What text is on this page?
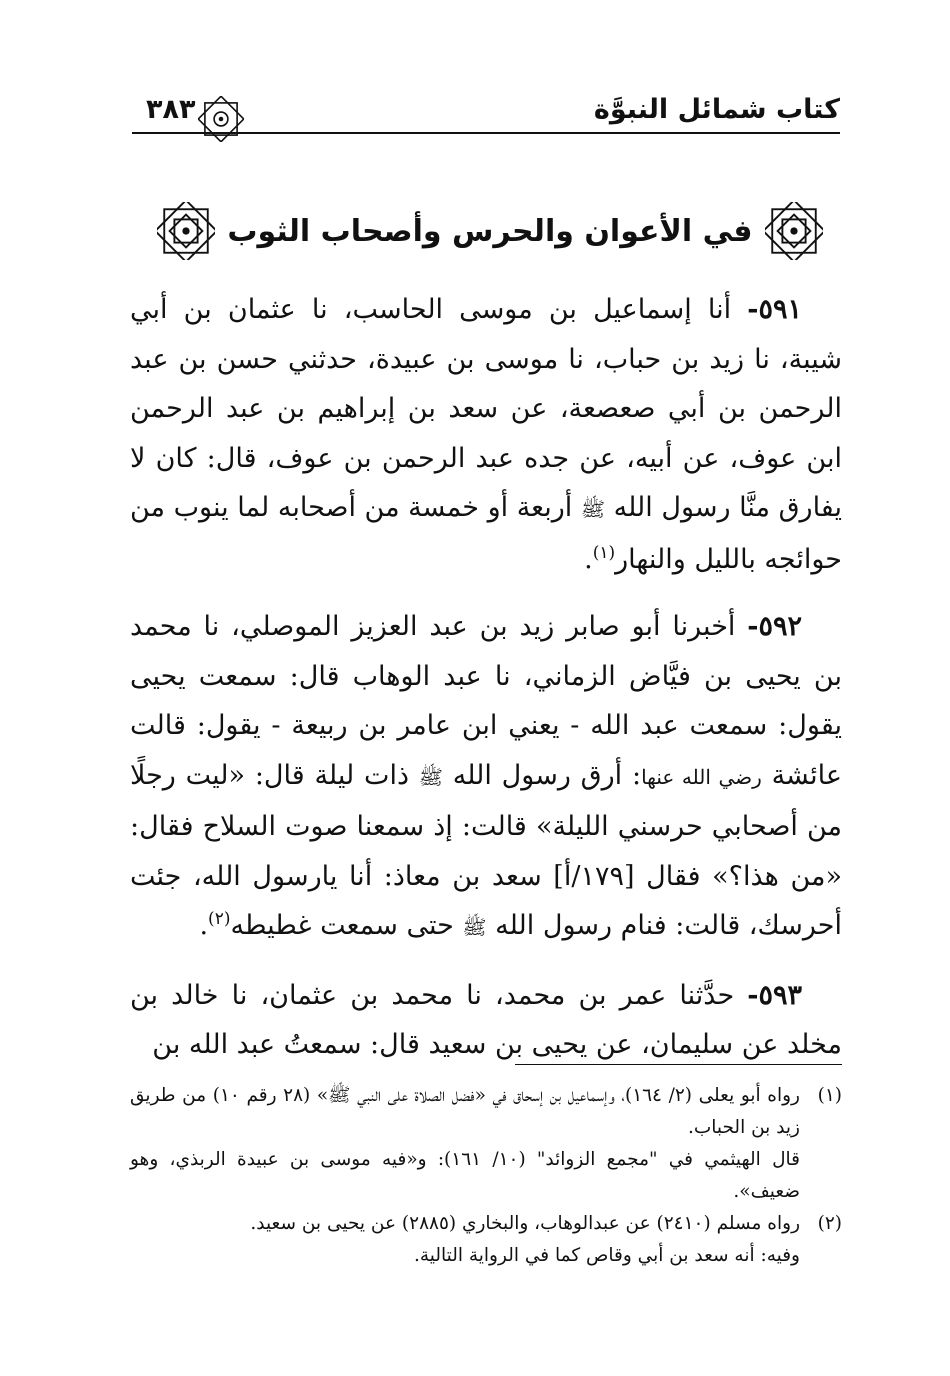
كتاب شمائل النبوَّة
٣٨٣
في الأعوان والحرس وأصحاب الثوب

٥٩١- أنا إسماعيل بن موسى الحاسب، نا عثمان بن أبي شيبة، نا زيد بن حباب، نا موسى بن عبيدة، حدثني حسن بن عبد الرحمن بن أبي صعصعة، عن سعد بن إبراهيم بن عبد الرحمن ابن عوف، عن أبيه، عن جده عبد الرحمن بن عوف، قال: كان لا يفارق منَّا رسول الله ﷺ أربعة أو خمسة من أصحابه لما ينوب من حوائجه بالليل والنهار$^{(١)}$.

٥٩٢- أخبرنا أبو صابر زيد بن عبد العزيز الموصلي، نا محمد بن يحيى بن فيَّاض الزماني، نا عبد الوهاب قال: سمعت يحيى يقول: سمعت عبد الله - يعني ابن عامر بن ربيعة - يقول: قالت عائشة رضي الله عنها: أرق رسول الله ﷺ ذات ليلة قال: «ليت رجلًا من أصحابي حرسني الليلة» قالت: إذ سمعنا صوت السلاح فقال: «من هذا؟» فقال [١٧٩/أ] سعد بن معاذ: أنا يارسول الله، جئت أحرسك، قالت: فنام رسول الله ﷺ حتى سمعت غطيطه$^{(٢)}$.

٥٩٣- حدَّثنا عمر بن محمد، نا محمد بن عثمان، نا خالد بن مخلد عن سليمان، عن يحيى بن سعيد قال: سمعتُ عبد الله بن

(١)
رواه أبو يعلى (٢/ ١٦٤)، وإسماعيل بن إسحاق في «فضل الصلاة على النبي ﷺ» (٢٨ رقم ١٠) من طريق زيد بن الحباب.
قال الهيثمي في "مجمع الزوائد" (١٠/ ١٦١): و«فيه موسى بن عبيدة الربذي، وهو ضعيف».
(٢)
رواه مسلم (٢٤١٠) عن عبدالوهاب، والبخاري (٢٨٨٥) عن يحيى بن سعيد.
وفيه: أنه سعد بن أبي وقاص كما في الرواية التالية.
